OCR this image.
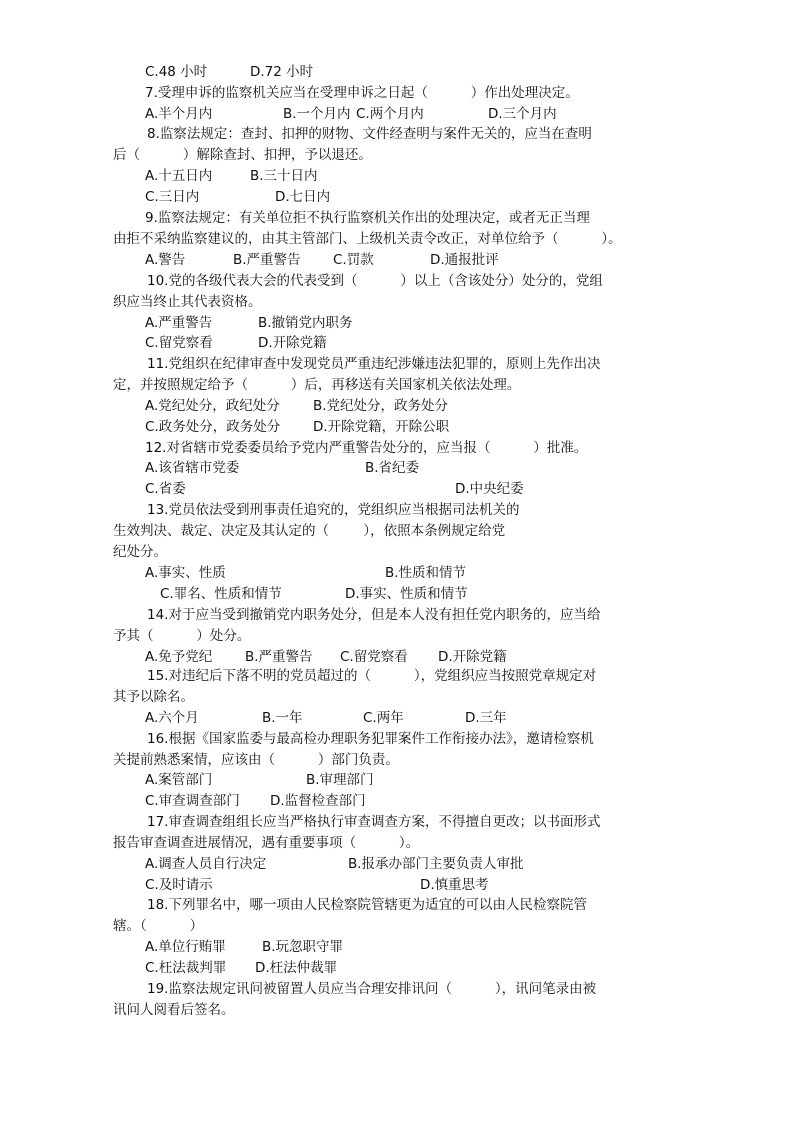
C.48 小时	D.72 小时
7.受理申诉的监察机关应当在受理申诉之日起（          ）作出处理决定。
A.半个月内	B.一个月内 C.两个月内	D.三个月内
8.监察法规定：查封、扣押的财物、文件经查明与案件无关的，应当在查明
后（          ）解除查封、扣押，予以退还。
A.十五日内	B.三十日内
C.三日内	D.七日内
9.监察法规定：有关单位拒不执行监察机关作出的处理决定，或者无正当理
由拒不采纳监察建议的，由其主管部门、上级机关责令改正，对单位给予（          ）。
A.警告	B.严重警告 C.罚款	D.通报批评
10.党的各级代表大会的代表受到（          ）以上（含该处分）处分的，党组
织应当终止其代表资格。
A.严重警告	B.撤销党内职务
C.留党察看	D.开除党籍
11.党组织在纪律审查中发现党员严重违纪涉嫌违法犯罪的，原则上先作出决
定，并按照规定给予（          ）后，再移送有关国家机关依法处理。
A.党纪处分，政纪处分 B.党纪处分，政务处分
C.政务处分，政务处分 D.开除党籍，开除公职
12.对省辖市党委委员给予党内严重警告处分的，应当报（          ）批准。
A.该省辖市党委	B.省纪委
C.省委	D.中央纪委
13.党员依法受到刑事责任追究的，党组织应当根据司法机关的
生效判决、裁定、决定及其认定的（        ），依照本条例规定给党
纪处分。
A.事实、性质	B.性质和情节
C.罪名、性质和情节	D.事实、性质和情节
14.对于应当受到撤销党内职务处分，但是本人没有担任党内职务的，应当给
予其（          ）处分。
A.免予党纪 B.严重警告 C.留党察看 D.开除党籍
15.对违纪后下落不明的党员超过的（          ），党组织应当按照党章规定对
其予以除名。
A.六个月	B.一年	C.两年	D.三年
16.根据《国家监委与最高检办理职务犯罪案件工作衔接办法》，邀请检察机
关提前熟悉案情，应该由（          ）部门负责。
A.案管部门	B.审理部门
C.审查调查部门 D.监督检查部门
17.审查调查组组长应当严格执行审查调查方案，不得擅自更改；以书面形式
报告审查调查进展情况，遇有重要事项（          ）。
A.调查人员自行决定	B.报承办部门主要负责人审批
C.及时请示	D.慎重思考
18.下列罪名中，哪一项由人民检察院管辖更为适宜的可以由人民检察院管
辖。（          ）
A.单位行贿罪	B.玩忽职守罪
C.枉法裁判罪 D.枉法仲裁罪
19.监察法规定讯问被留置人员应当合理安排讯问（          ），讯问笔录由被
讯问人阅看后签名。
